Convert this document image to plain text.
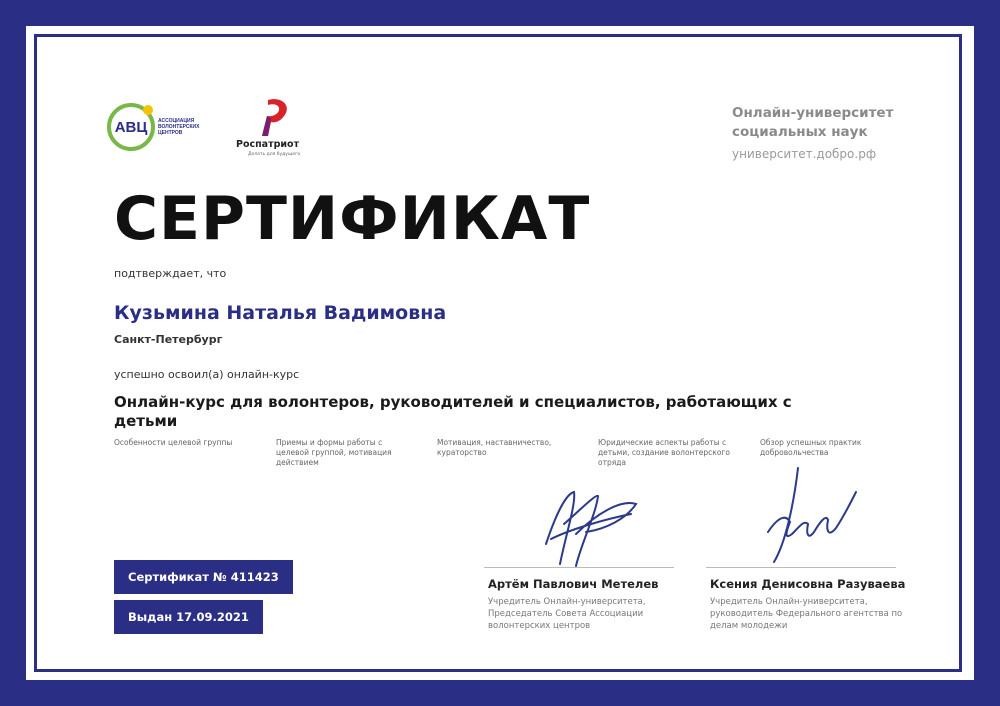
АВЦ АССОЦИАЦИЯ
ВОЛОНТЕРСКИХ
ЦЕНТРОВ
Роспатриот
Делать для будущего
Онлайн-университет социальных наук
университет.добро.рф
СЕРТИФИКАТ
подтверждает, что
Кузьмина Наталья Вадимовна
Санкт-Петербург
успешно освоил(а) онлайн-курс
Онлайн-курс для волонтеров, руководителей и специалистов, работающих с детьми
Особенности целевой группы	Приемы и формы работы с целевой группой, мотивация действием
Мотивация, наставничество, кураторство
Юридические аспекты работы с детьми, создание волонтерского отряда
Обзор успешных практик добровольчества
Сертификат № 411423
Выдан 17.09.2021
Артём Павлович Метелев
Учредитель Онлайн-университета, Председатель Совета Ассоциации волонтерских центров
Ксения Денисовна Разуваева
Учредитель Онлайн-университета, руководитель Федерального агентства по делам молодежи
